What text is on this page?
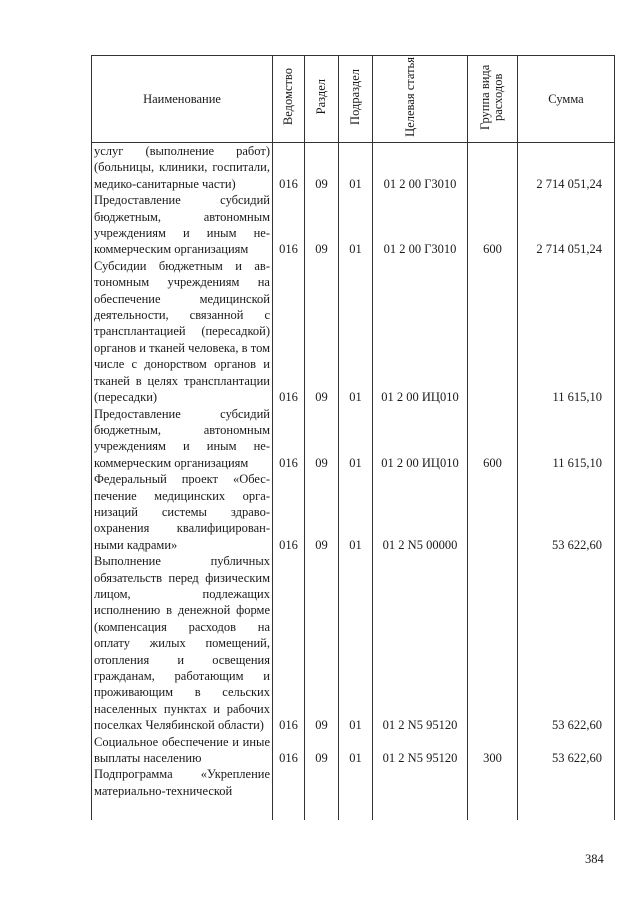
Наименование	Ведомство	Раздел	Подраздел	Целевая статья	Группа вида расходов	Сумма
услуг (выполнение работ) (больницы, клиники, госпитали, медико-санитарные части)	016	09	01	01 2 00 Г3010		2 714 051,24
Предоставление субсидий бюджетным, автономным учреждениям и иным некоммерческим организациям	016	09	01	01 2 00 Г3010	600	2 714 051,24
Субсидии бюджетным и автономным учреждениям на обеспечение медицинской деятельности, связанной с трансплантацией (пересадкой) органов и тканей человека, в том числе с донорством органов и тканей в целях трансплантации (пересадки)	016	09	01	01 2 00 ИЦ010		11 615,10
Предоставление субсидий бюджетным, автономным учреждениям и иным некоммерческим организациям	016	09	01	01 2 00 ИЦ010	600	11 615,10
Федеральный проект «Обеспечение медицинских организаций системы здравоохранения квалифицированными кадрами»	016	09	01	01 2 N5 00000		53 622,60
Выполнение публичных обязательств перед физическим лицом, подлежащих исполнению в денежной форме (компенсация расходов на оплату жилых помещений, отопления и освещения гражданам, работающим и проживающим в сельских населенных пунктах и рабочих поселках Челябинской области)	016	09	01	01 2 N5 95120		53 622,60
Социальное обеспечение и иные выплаты населению	016	09	01	01 2 N5 95120	300	53 622,60
Подпрограмма «Укрепление материально-технической						
384
